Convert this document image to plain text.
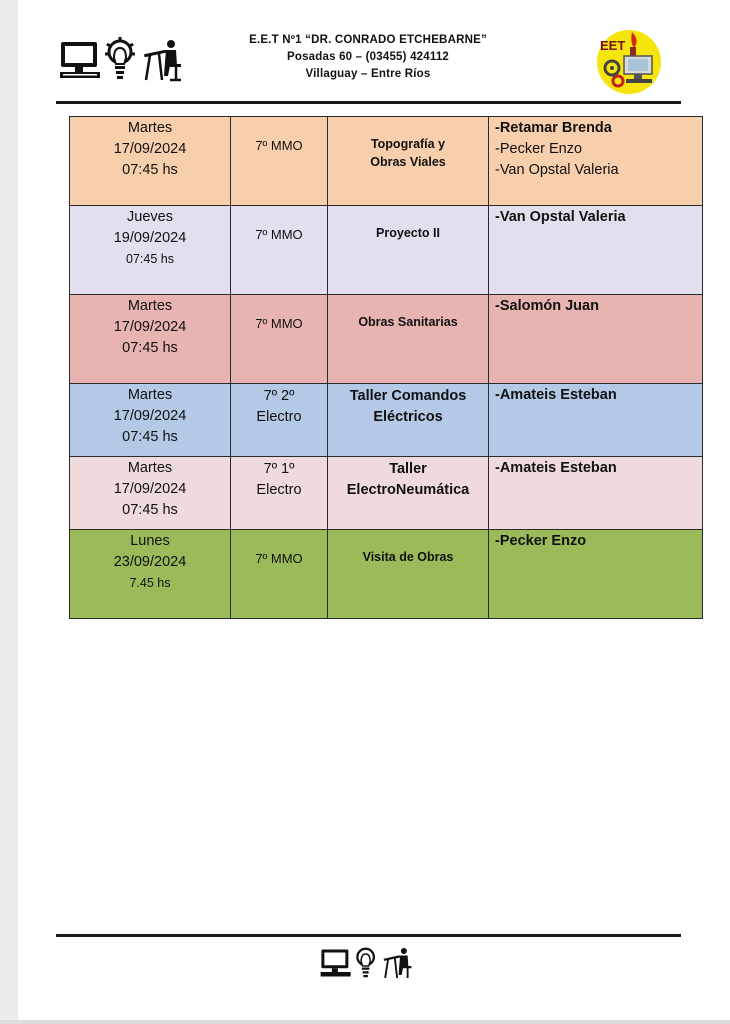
E.E.T Nº1 “DR. CONRADO ETCHEBARNE”
Posadas 60 – (03455) 424112
Villaguay – Entre Ríos
EET
Martes
17/09/2024
07:45 hs	7º MMO	Topografía y
Obras Viales	-Retamar Brenda
-Pecker Enzo
-Van Opstal Valeria

Jueves
19/09/2024
07:45 hs	7º MMO	Proyecto II	-Van Opstal Valeria

Martes
17/09/2024
07:45 hs	7º MMO	Obras Sanitarias	-Salomón Juan

Martes
17/09/2024
07:45 hs	7º 2º
Electro	Taller Comandos
Eléctricos	-Amateis Esteban

Martes
17/09/2024
07:45 hs	7º 1º
Electro	Taller
ElectroNeumática	-Amateis Esteban

Lunes
23/09/2024
7.45 hs	7º MMO	Visita de Obras	-Pecker Enzo
